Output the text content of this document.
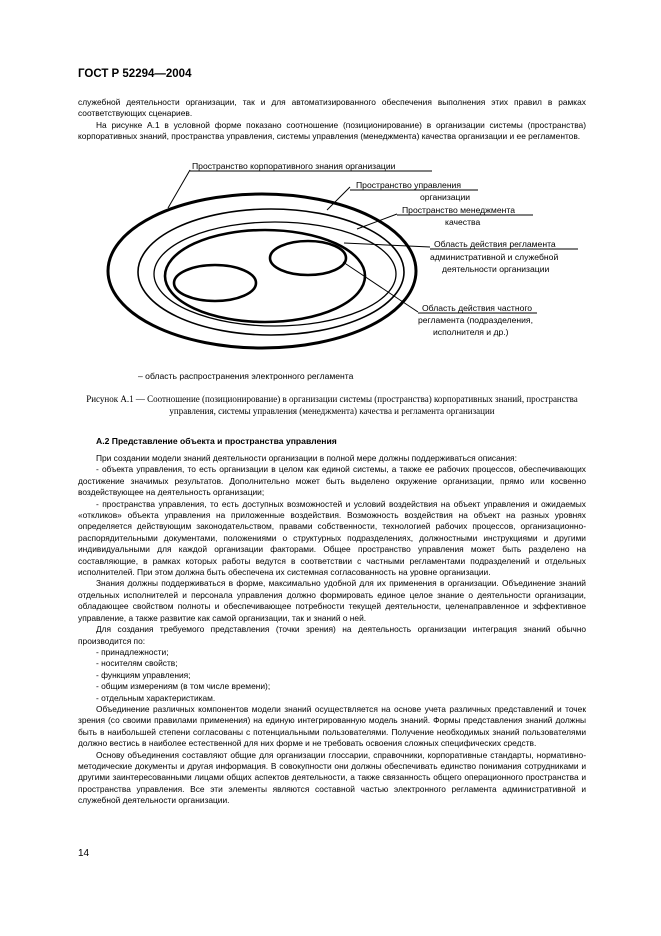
ГОСТ Р 52294—2004

служебной деятельности организации, так и для автоматизированного обеспечения выполнения этих правил в рамках соответствующих сценариев.

На рисунке А.1 в условной форме показано соотношение (позиционирование) в организации системы (пространства) корпоративных знаний, пространства управления, системы управления (менеджмента) качества организации и ее регламентов.

Пространство корпоративного знания организации
Пространство управления
организации
Пространство менеджмента
качества
Область действия регламента
административной и служебной
деятельности организации
Область действия частного
регламента (подразделения,
исполнителя и др.)
– область распространения электронного регламента
Рисунок А.1 — Соотношение (позиционирование) в организации системы (пространства) корпоративных знаний, пространства управления, системы управления (менеджмента) качества и регламента организации
А.2 Представление объекта и пространства управления

При создании модели знаний деятельности организации в полной мере должны поддерживаться описания:

- объекта управления, то есть организации в целом как единой системы, а также ее рабочих процессов, обеспечивающих достижение значимых результатов. Дополнительно может быть выделено окружение организации, прямо или косвенно воздействующее на деятельность организации;

- пространства управления, то есть доступных возможностей и условий воздействия на объект управления и ожидаемых «откликов» объекта управления на приложенные воздействия. Возможность воздействия на объект на разных уровнях определяется действующим законодательством, правами собственности, технологией рабочих процессов, организационно-распорядительными документами, положениями о структурных подразделениях, должностными инструкциями и другими индивидуальными для каждой организации факторами. Общее пространство управления может быть разделено на составляющие, в рамках которых работы ведутся в соответствии с частными регламентами подразделений и отдельных исполнителей. При этом должна быть обеспечена их системная согласованность на уровне организации.

Знания должны поддерживаться в форме, максимально удобной для их применения в организации. Объединение знаний отдельных исполнителей и персонала управления должно формировать единое целое знание о деятельности организации, обладающее свойством полноты и обеспечивающее потребности текущей деятельности, целенаправленное и эффективное управление, а также развитие как самой организации, так и знаний о ней.

Для создания требуемого представления (точки зрения) на деятельность организации интеграция знаний обычно производится по:

- принадлежности;

- носителям свойств;

- функциям управления;

- общим измерениям (в том числе времени);

- отдельным характеристикам.

Объединение различных компонентов модели знаний осуществляется на основе учета различных представлений и точек зрения (со своими правилами применения) на единую интегрированную модель знаний. Формы представления знаний должны быть в наибольшей степени согласованы с потенциальными пользователями. Получение необходимых знаний пользователями должно вестись в наиболее естественной для них форме и не требовать освоения сложных специфических средств.

Основу объединения составляют общие для организации глоссарии, справочники, корпоративные стандарты, нормативно-методические документы и другая информация. В совокупности они должны обеспечивать единство понимания сотрудниками и другими заинтересованными лицами общих аспектов деятельности, а также связанность общего операционного пространства и пространства управления. Все эти элементы являются составной частью электронного регламента административной и служебной деятельности организации.

14
